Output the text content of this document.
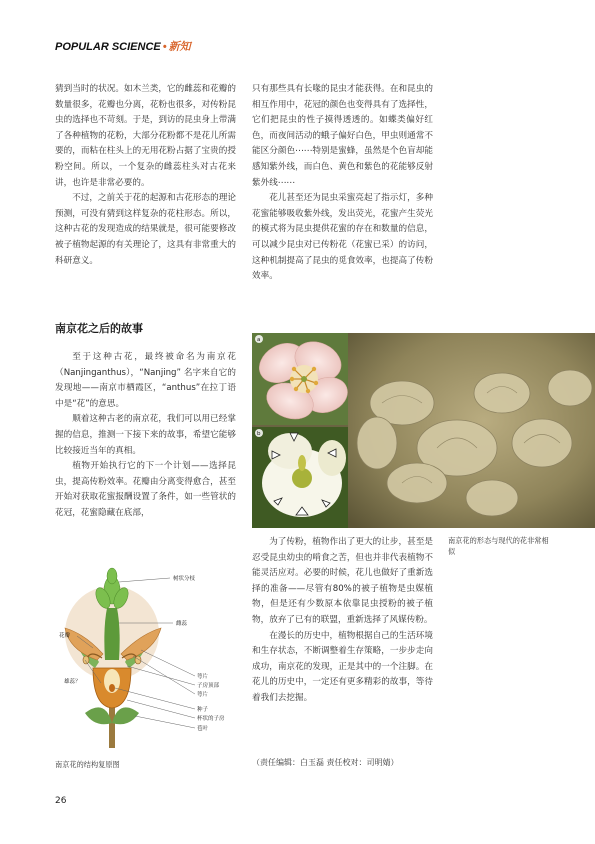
POPULAR SCIENCE • 新知

猜到当时的状况。如木兰类，它的雌蕊和花瓣的数量很多，花瓣也分离，花粉也很多，对传粉昆虫的选择也不苛刻。于是，到访的昆虫身上带满了各种植物的花粉，大部分花粉都不是花儿所需要的，而粘在柱头上的无用花粉占据了宝贵的授粉空间。所以，一个复杂的雌蕊柱头对古花来讲，也许是非常必要的。

不过，之前关于花的起源和古花形态的理论预测，可没有猜到这样复杂的花柱形态。所以，这种古花的发现造成的结果就是，很可能要修改被子植物起源的有关理论了，这具有非常重大的科研意义。

南京花之后的故事

至于这种古花，最终被命名为南京花（Nanjinganthus），“Nanjing” 名字来自它的发现地——南京市栖霞区，“anthus”在拉丁语中是“花”的意思。

顺着这种古老的南京花，我们可以用已经掌握的信息，推测一下接下来的故事，希望它能够比较接近当年的真相。

植物开始执行它的下一个计划——选择昆虫，提高传粉效率。花瓣由分离变得愈合，甚至开始对获取花蜜报酬设置了条件，如一些管状的花冠，花蜜隐藏在底部，

只有那些具有长喙的昆虫才能获得。在和昆虫的相互作用中，花冠的颜色也变得具有了选择性，它们把昆虫的性子摸得透透的。如蝶类偏好红色，而夜间活动的蛾子偏好白色，甲虫则通常不能区分颜色⋯⋯特别是蜜蜂，虽然是个色盲却能感知紫外线，而白色、黄色和紫色的花能够反射紫外线⋯⋯

花儿甚至还为昆虫采蜜亮起了指示灯，多种花蜜能够吸收紫外线，发出荧光，花蜜产生荧光的模式将为昆虫提供花蜜的存在和数量的信息，可以减少昆虫对已传粉花（花蜜已采）的访问，这种机制提高了昆虫的觅食效率，也提高了传粉效率。

a
b
南京花的形态与现代的花非常相似

为了传粉，植物作出了更大的让步，甚至是忍受昆虫幼虫的啃食之苦，但也并非代表植物不能灵活应对。必要的时候，花儿也做好了重新选择的准备——尽管有80%的被子植物是虫媒植物，但是还有少数原本依靠昆虫授粉的被子植物，放弃了已有的联盟，重新选择了风媒传粉。

在漫长的历史中，植物根据自己的生活环境和生存状态，不断调整着生存策略，一步步走向成功，南京花的发现，正是其中的一个注脚。在花儿的历史中，一定还有更多精彩的故事，等待着我们去挖掘。

（责任编辑：白玉磊 责任校对：司明婧）
树状分枝
雌蕊
花瓣
雄蕊？
萼片
子房顶部
萼片
种子
杯状的子房
苞叶
南京花的结构复原图
26
